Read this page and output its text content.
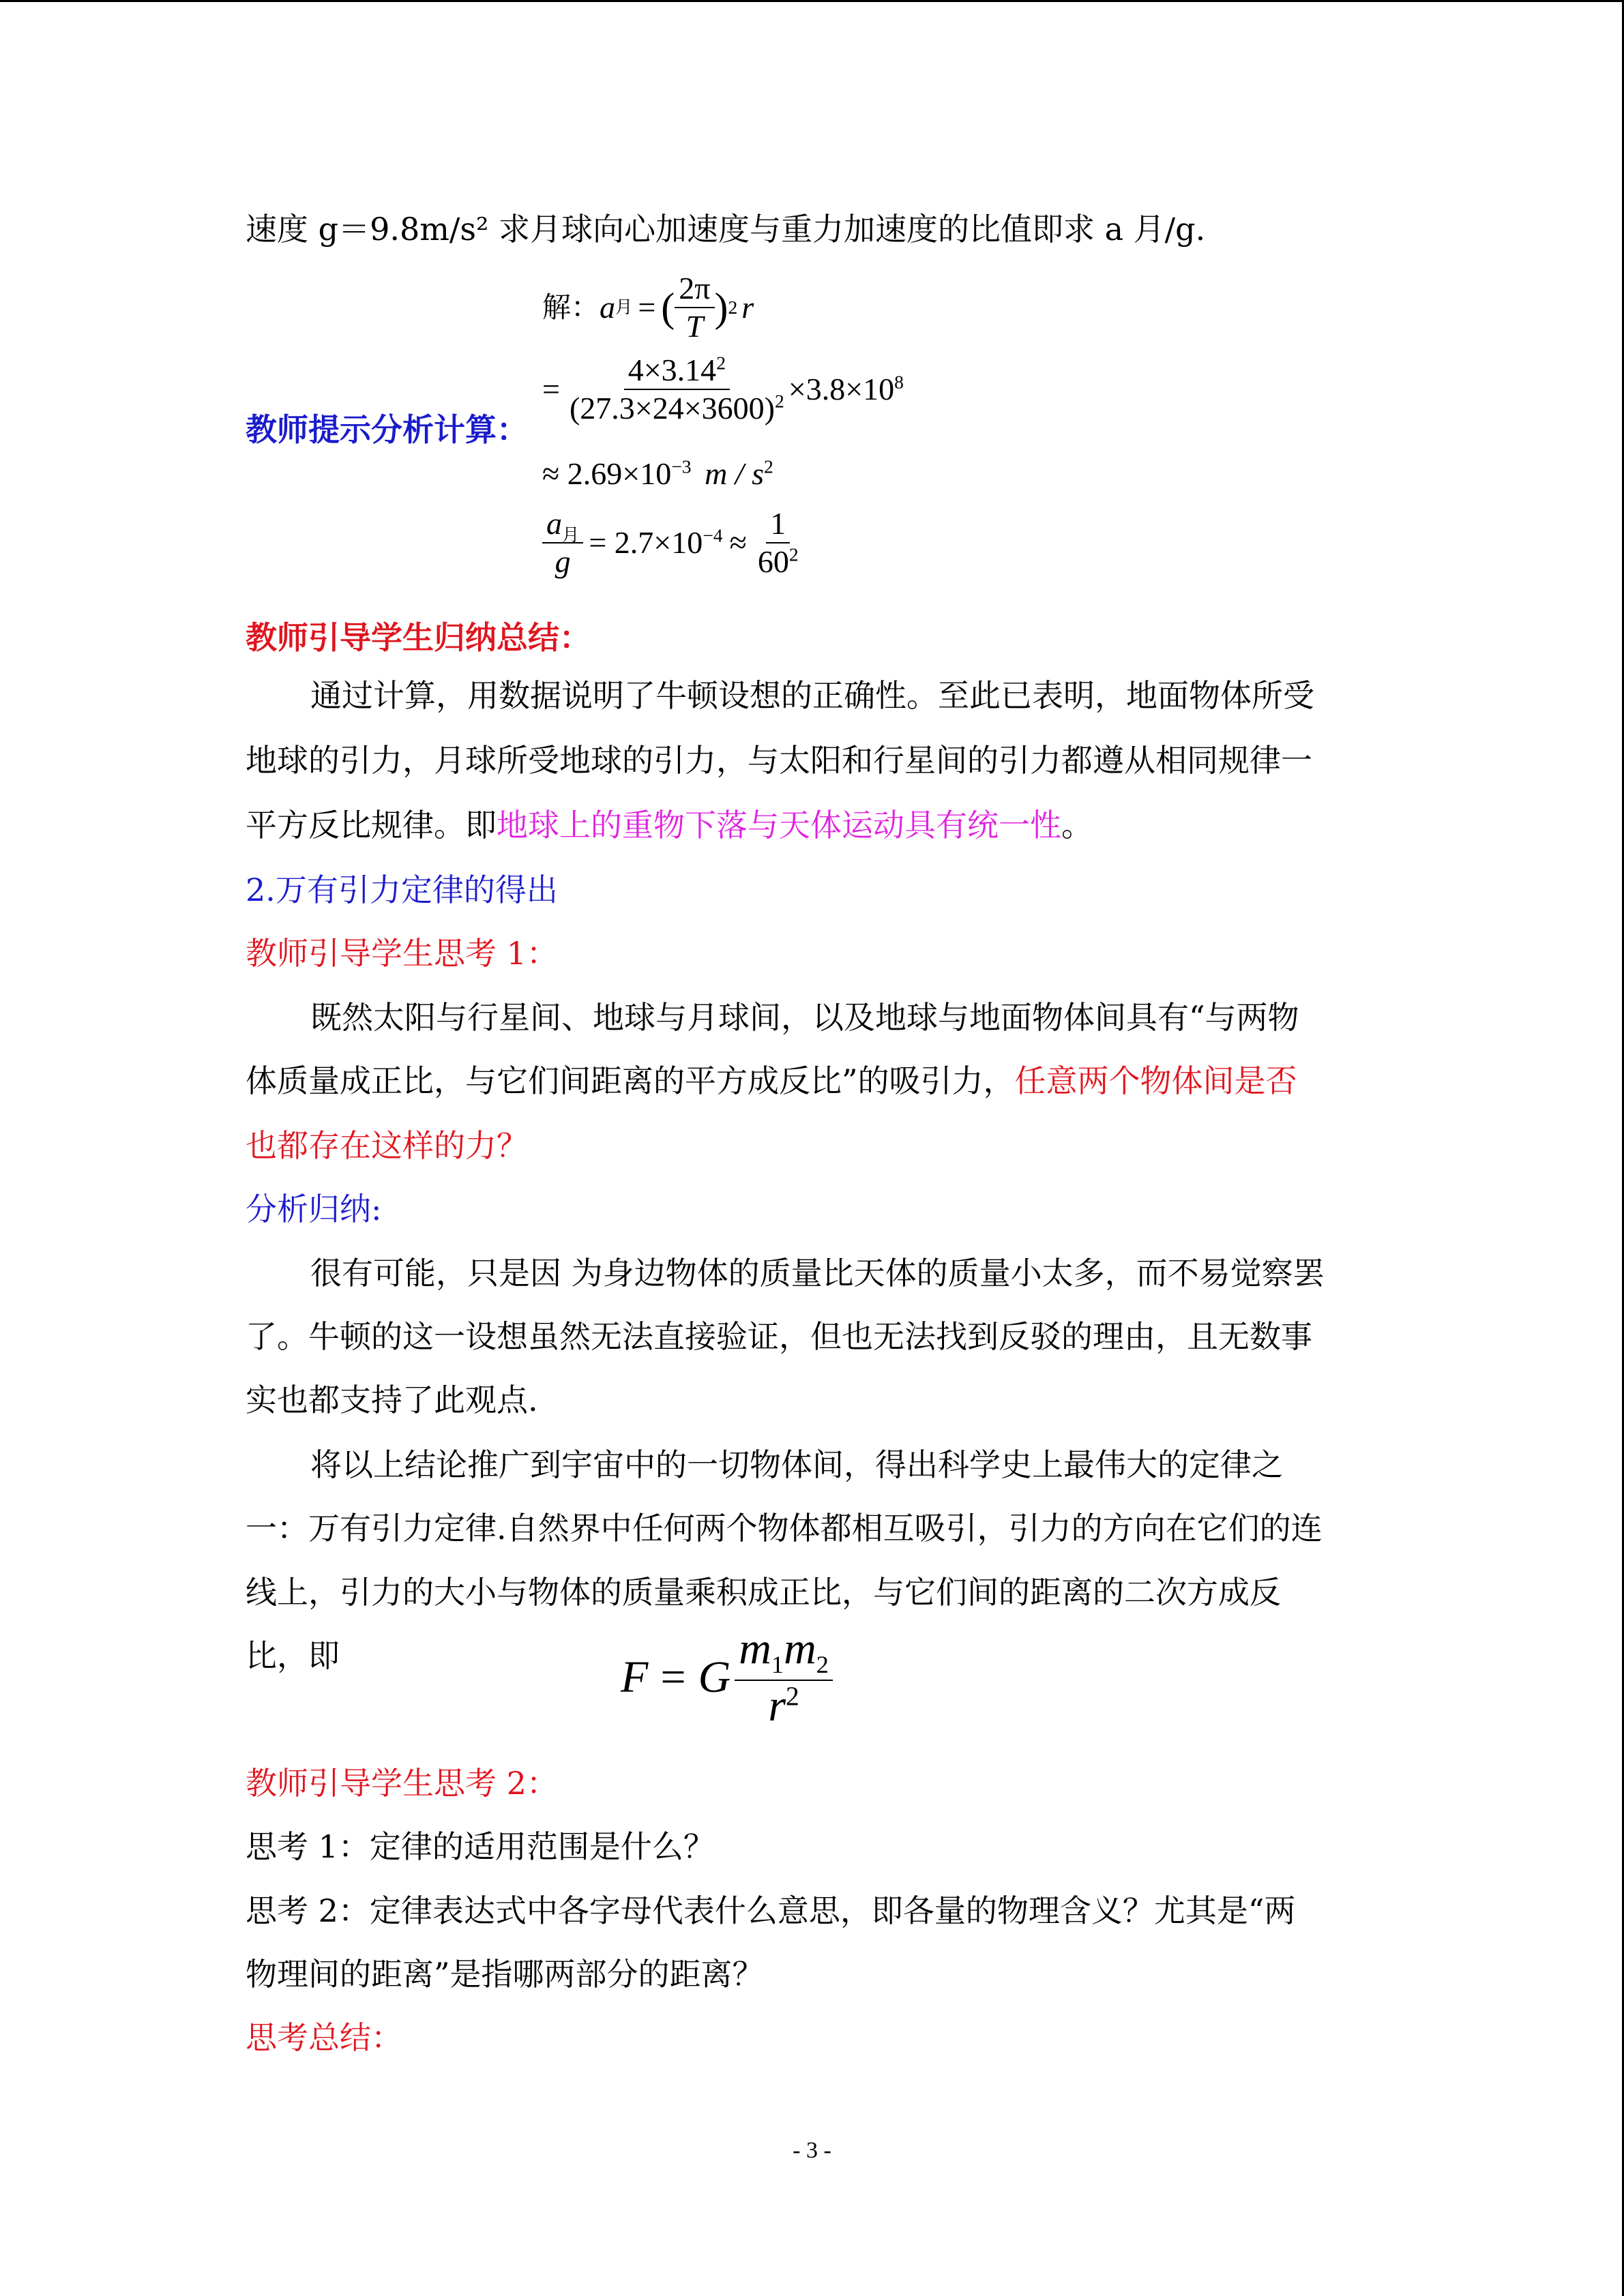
速度 g＝9.8m/s² 求月球向心加速度与重力加速度的比值即求 a 月/g.
解： a 月 = ( $\frac{2\pi}{T}$ ) 2 r
教师提示分析计算：
= $\frac{4\times 3.14^2}{(27.3\times 24\times 3600)^2} \times 3.8\times 10^8$
≈ $2.69\times 10^{-3}$ m / $s^2$
$\frac{a_月}{g} = 2.7\times 10^{-4} \approx \frac{1}{60^2}$
教师引导学生归纳总结：
通过计算，用数据说明了牛顿设想的正确性。至此已表明，地面物体所受
地球的引力，月球所受地球的引力，与太阳和行星间的引力都遵从相同规律一
平方反比规律。即地球上的重物下落与天体运动具有统一性。
2.万有引力定律的得出
教师引导学生思考 1：
既然太阳与行星间、地球与月球间，以及地球与地面物体间具有“与两物
体质量成正比，与它们间距离的平方成反比”的吸引力，任意两个物体间是否
也都存在这样的力？
分析归纳:
很有可能，只是因 为身边物体的质量比天体的质量小太多，而不易觉察罢
了。牛顿的这一设想虽然无法直接验证，但也无法找到反驳的理由，且无数事
实也都支持了此观点.
将以上结论推广到宇宙中的一切物体间，得出科学史上最伟大的定律之
一：万有引力定律.自然界中任何两个物体都相互吸引，引力的方向在它们的连
线上，引力的大小与物体的质量乘积成正比，与它们间的距离的二次方成反
比，即	F = G $\frac{m_1m_2}{r^2}$
教师引导学生思考 2：
思考 1：定律的适用范围是什么？
思考 2：定律表达式中各字母代表什么意思，即各量的物理含义？尤其是“两
物理间的距离”是指哪两部分的距离？
思考总结：
- 3 -
